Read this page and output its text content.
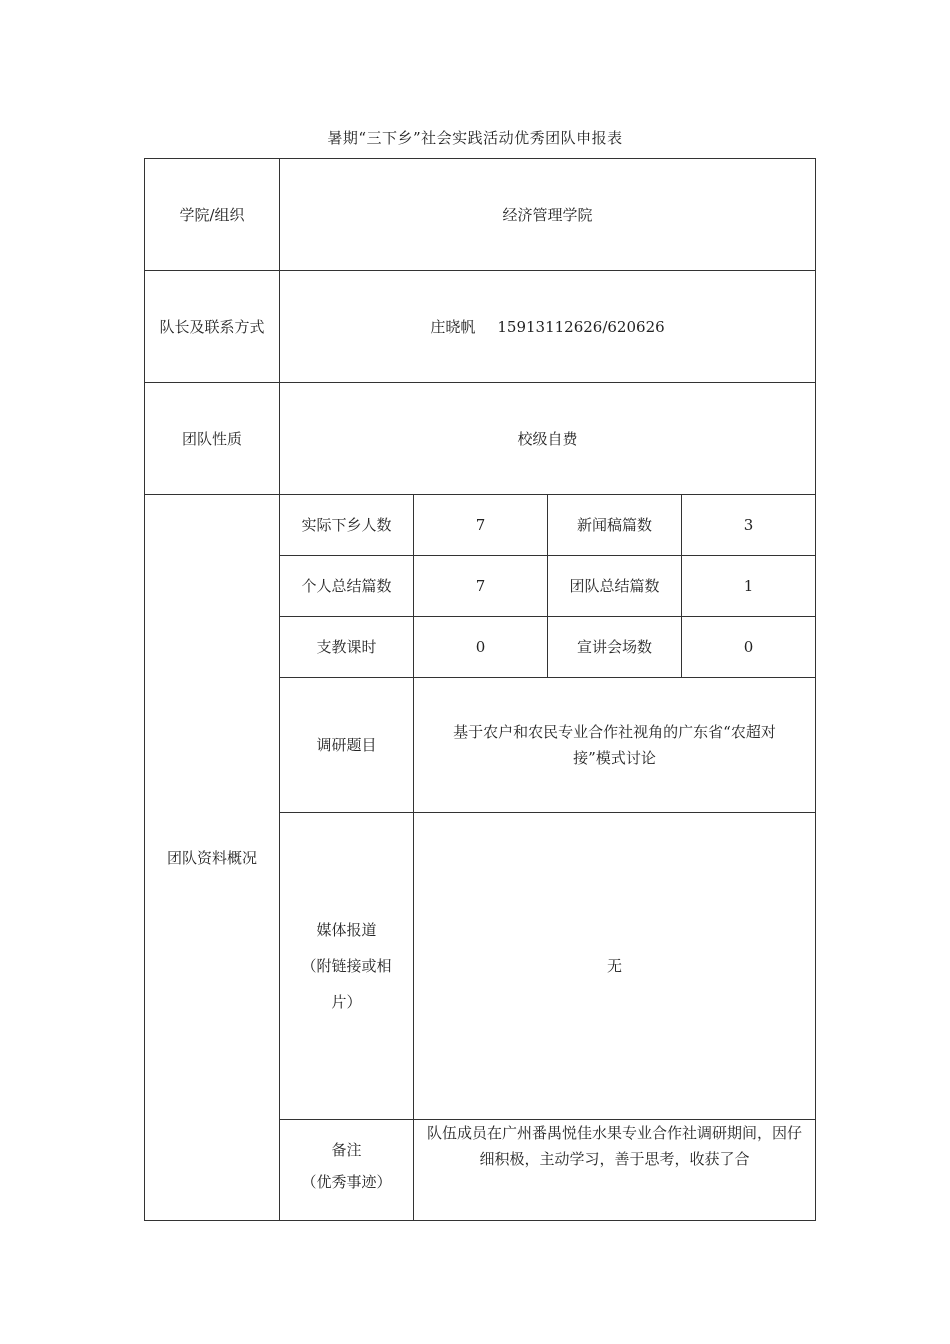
暑期“三下乡”社会实践活动优秀团队申报表
学院/组织	经济管理学院			
队长及联系方式	庄晓帆 15913112626/620626			
团队性质	校级自费			
团队资料概况	实际下乡人数	7	新闻稿篇数	3
	个人总结篇数	7	团队总结篇数	1
	支教课时	0	宣讲会场数	0
	调研题目	基于农户和农民专业合作社视角的广东省“农超对接”模式讨论		

	媒体报道
（附链接或相
片）	无		

	备注
（优秀事迹）	队伍成员在广州番禺悦佳水果专业合作社调研期间，因仔细积极，主动学习，善于思考，收获了合		
